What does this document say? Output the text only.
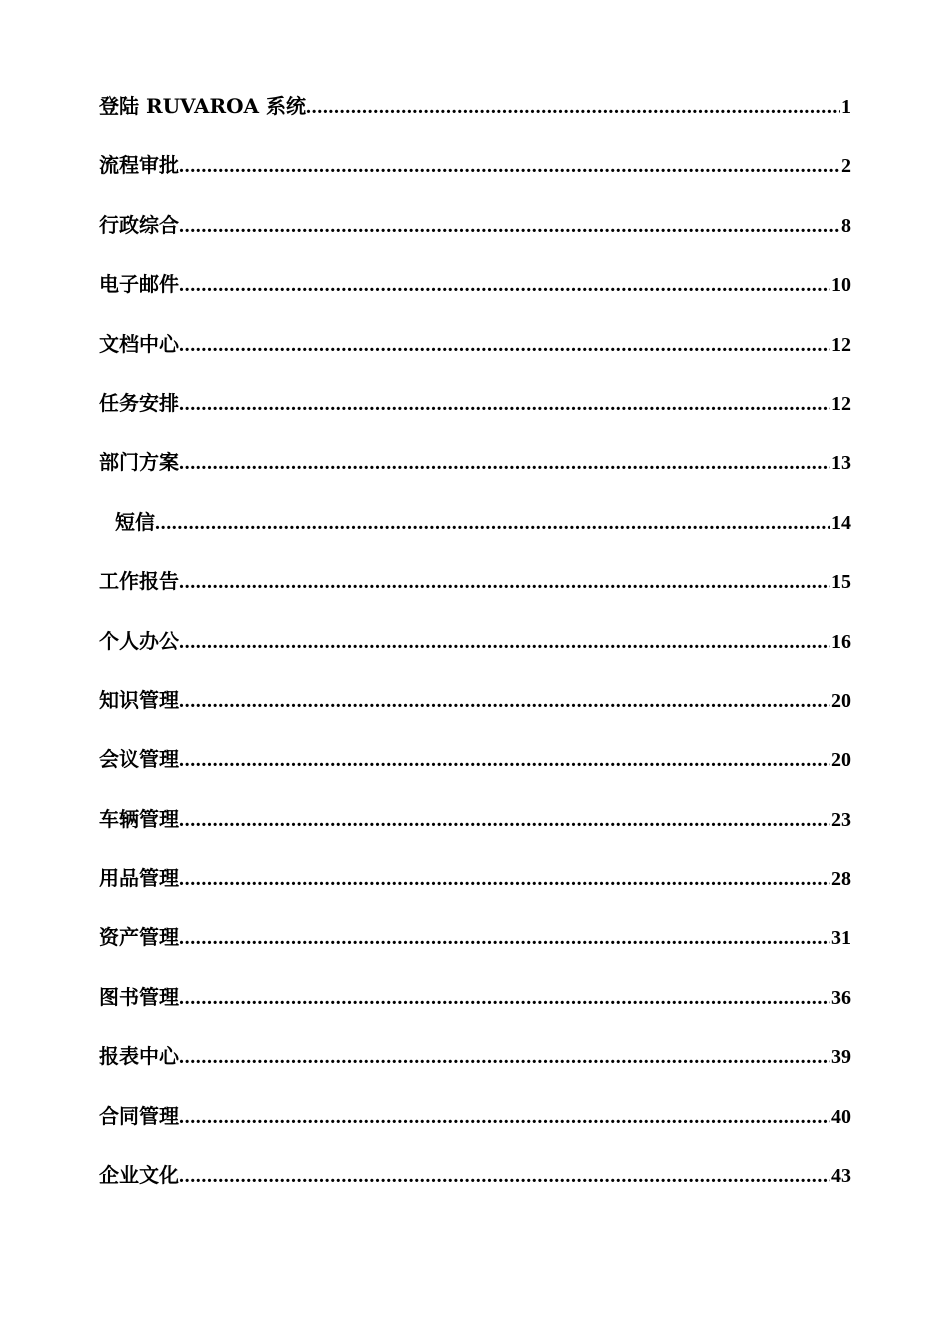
登陆 RUVAROA 系统 .....	1
流程审批 .....	2
行政综合 .....	8
电子邮件 .....	10
文档中心 .....	12
任务安排 .....	12
部门方案 .....	13
短信 .....	14
工作报告 .....	15
个人办公 .....	16
知识管理 .....	20
会议管理 .....	20
车辆管理 .....	23
用品管理 .....	28
资产管理 .....	31
图书管理 .....	36
报表中心 .....	39
合同管理 .....	40
企业文化 .....	43
